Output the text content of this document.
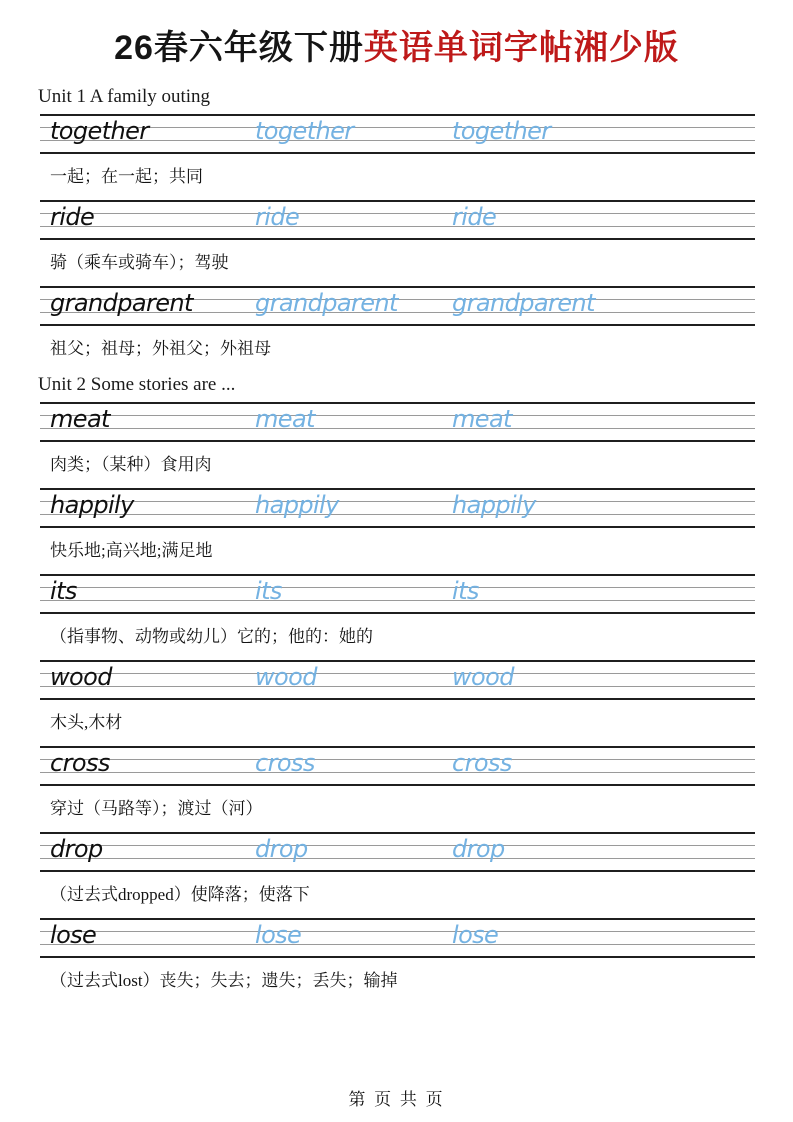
26春六年级下册英语单词字帖湘少版
Unit 1 A family outing
together	together	together
一起；在一起；共同
ride	ride	ride
骑（乘车或骑车）；驾驶
grandparent	grandparent grandparent
祖父；祖母；外祖父；外祖母
Unit 2 Some stories are ...
meat	meat	meat
肉类；（某种）食用肉
happily	happily	happily
快乐地;高兴地;满足地
its	its	its
（指事物、动物或幼儿）它的；他的：她的
wood	wood	wood
木头,木材
cross	cross	cross
穿过（马路等）；渡过（河）
drop	drop	drop
（过去式dropped）使降落；使落下
lose	lose	lose
（过去式lost）丧失；失去；遗失；丢失；输掉
第 页 共 页
